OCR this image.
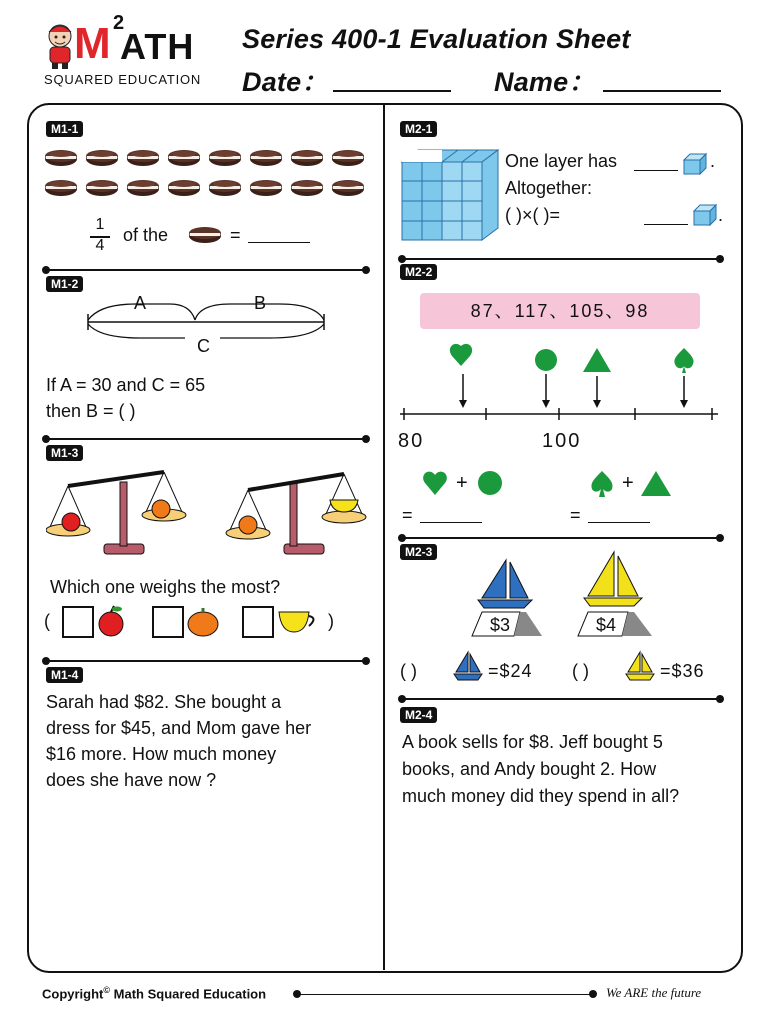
M 2
ATH
SQUARED EDUCATION
Series 400-1 Evaluation Sheet
Date：	Name：
M1-1
1
4
of the	=
M1-2
A	B
C
If A = 30 and C = 65
then B = ( )
M1-3
Which one weighs the most?
(	)
M1-4
Sarah had $82. She bought a
dress for $45, and Mom gave her
$16 more. How much money
does she have now ?
M2-1
One layer has	.
Altogether:
( )×( )=	.
M2-2
87、117、105、98
80	100
+
=
+
=
M2-3
$3	$4
( )	=$24 ( )	=$36
M2-4
A book sells for $8. Jeff bought 5
books, and Andy bought 2. How
much money did they spend in all?
Copyright© Math Squared Education	We ARE the future
